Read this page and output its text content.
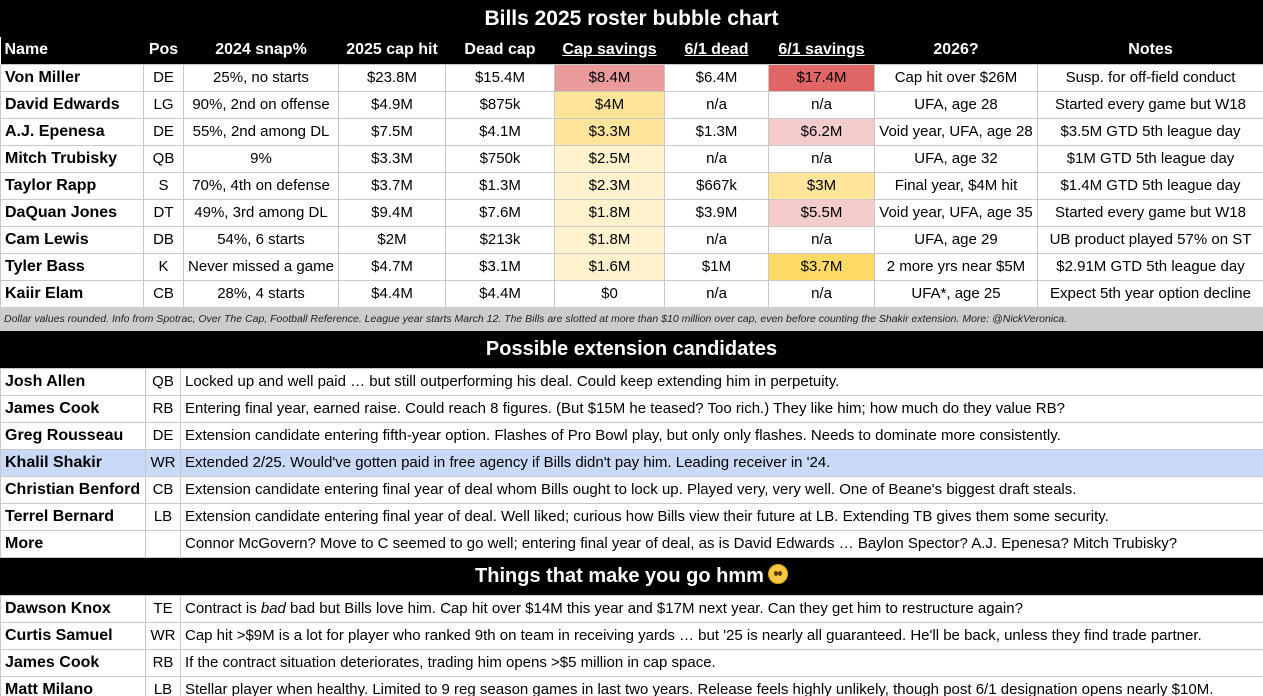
Bills 2025 roster bubble chart
Name	Pos	2024 snap%	2025 cap hit	Dead cap	Cap savings	6/1 dead	6/1 savings	2026?	Notes
Von Miller	DE	25%, no starts	$23.8M	$15.4M	$8.4M	$6.4M	$17.4M	Cap hit over $26M	Susp. for off-field conduct
David Edwards	LG	90%, 2nd on offense	$4.9M	$875k	$4M	n/a	n/a	UFA, age 28	Started every game but W18
A.J. Epenesa	DE	55%, 2nd among DL	$7.5M	$4.1M	$3.3M	$1.3M	$6.2M	Void year, UFA, age 28	$3.5M GTD 5th league day
Mitch Trubisky	QB	9%	$3.3M	$750k	$2.5M	n/a	n/a	UFA, age 32	$1M GTD 5th league day
Taylor Rapp	S	70%, 4th on defense	$3.7M	$1.3M	$2.3M	$667k	$3M	Final year, $4M hit	$1.4M GTD 5th league day
DaQuan Jones	DT	49%, 3rd among DL	$9.4M	$7.6M	$1.8M	$3.9M	$5.5M	Void year, UFA, age 35	Started every game but W18
Cam Lewis	DB	54%, 6 starts	$2M	$213k	$1.8M	n/a	n/a	UFA, age 29	UB product played 57% on ST
Tyler Bass	K	Never missed a game	$4.7M	$3.1M	$1.6M	$1M	$3.7M	2 more yrs near $5M	$2.91M GTD 5th league day
Kaiir Elam	CB	28%, 4 starts	$4.4M	$4.4M	$0	n/a	n/a	UFA*, age 25	Expect 5th year option decline
Dollar values rounded. Info from Spotrac, Over The Cap, Football Reference. League year starts March 12. The Bills are slotted at more than $10 million over cap, even before counting the Shakir extension. More: @NickVeronica.
Possible extension candidates
Josh Allen	QB	Locked up and well paid … but still outperforming his deal. Could keep extending him in perpetuity.
James Cook	RB	Entering final year, earned raise. Could reach 8 figures. (But $15M he teased? Too rich.) They like him; how much do they value RB?
Greg Rousseau	DE	Extension candidate entering fifth-year option. Flashes of Pro Bowl play, but only only flashes. Needs to dominate more consistently.
Khalil Shakir	WR	Extended 2/25. Would've gotten paid in free agency if Bills didn't pay him. Leading receiver in '24.
Christian Benford	CB	Extension candidate entering final year of deal whom Bills ought to lock up. Played very, very well. One of Beane's biggest draft steals.
Terrel Bernard	LB	Extension candidate entering final year of deal. Well liked; curious how Bills view their future at LB. Extending TB gives them some security.
More		Connor McGovern? Move to C seemed to go well; entering final year of deal, as is David Edwards … Baylon Spector? A.J. Epenesa? Mitch Trubisky?
Things that make you go hmm
Dawson Knox	TE	Contract is bad bad but Bills love him. Cap hit over $14M this year and $17M next year. Can they get him to restructure again?
Curtis Samuel	WR	Cap hit >$9M is a lot for player who ranked 9th on team in receiving yards … but '25 is nearly all guaranteed. He'll be back, unless they find trade partner.
James Cook	RB	If the contract situation deteriorates, trading him opens >$5 million in cap space.
Matt Milano	LB	Stellar player when healthy. Limited to 9 reg season games in last two years. Release feels highly unlikely, though post 6/1 designation opens nearly $10M.
